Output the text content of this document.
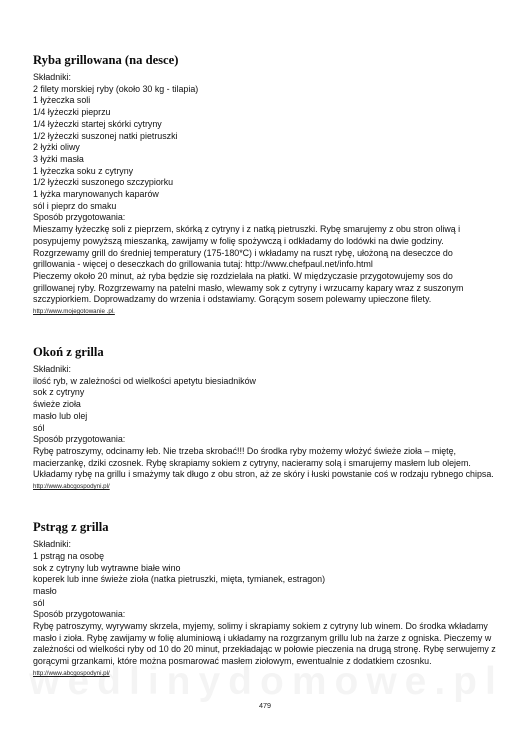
Ryba grillowana (na desce)

Składniki:

2 filety morskiej ryby (około 30 kg - tilapia)

1 łyżeczka soli

1/4 łyżeczki pieprzu

1/4 łyżeczki startej skórki cytryny

1/2 łyżeczki suszonej natki pietruszki

2 łyżki oliwy

3 łyżki masła

1 łyżeczka soku z cytryny

1/2 łyżeczki suszonego szczypiorku

1 łyżka marynowanych kaparów

sól i pieprz do smaku

Sposób przygotowania:

Mieszamy łyżeczkę soli z pieprzem, skórką z cytryny i z natką pietruszki. Rybę smarujemy z obu stron oliwą i

posypujemy powyższą mieszanką, zawijamy w folię spożywczą i odkładamy do lodówki na dwie godziny.

Rozgrzewamy grill do średniej temperatury (175-180*C) i wkładamy na ruszt rybę, ułożoną na deseczce do

grillowania - więcej o deseczkach do grillowania tutaj: http://www.chefpaul.net/info.html

Pieczemy około 20 minut, aż ryba będzie się rozdzielała na płatki. W międzyczasie przygotowujemy sos do

grillowanej ryby. Rozgrzewamy na patelni masło, wlewamy sok z cytryny i wrzucamy kapary wraz z suszonym

szczypiorkiem. Doprowadzamy do wrzenia i odstawiamy. Gorącym sosem polewamy upieczone filety.

http://www.mojegotowanie .pl.
Okoń z grilla

Składniki:

ilość ryb, w zależności od wielkości apetytu biesiadników

sok z cytryny

świeże zioła

masło lub olej

sól

Sposób przygotowania:

Rybę patroszymy, odcinamy łeb. Nie trzeba skrobać!!! Do środka ryby możemy włożyć świeże zioła – miętę,

macierzankę, dziki czosnek. Rybę skrapiamy sokiem z cytryny, nacieramy solą i smarujemy masłem lub olejem.

Układamy rybę na grillu i smażymy tak długo z obu stron, aż ze skóry i łuski powstanie coś w rodzaju rybnego chipsa.

http://www.abcgospodyni.pl/
Pstrąg z grilla

Składniki:

1 pstrąg na osobę

sok z cytryny lub wytrawne białe wino

koperek lub inne świeże zioła (natka pietruszki, mięta, tymianek, estragon)

masło

sól

Sposób przygotowania:

Rybę patroszymy, wyrywamy skrzela, myjemy, solimy i skrapiamy sokiem z cytryny lub winem. Do środka wkładamy

masło i zioła. Rybę zawijamy w folię aluminiową i układamy na rozgrzanym grillu lub na żarze z ogniska. Pieczemy w

zależności od wielkości ryby od 10 do 20 minut, przekładając w połowie pieczenia na drugą stronę. Rybę serwujemy z

gorącymi grzankami, które można posmarować masłem ziołowym, ewentualnie z dodatkiem czosnku.

http://www.abcgospodyni.pl/
479
